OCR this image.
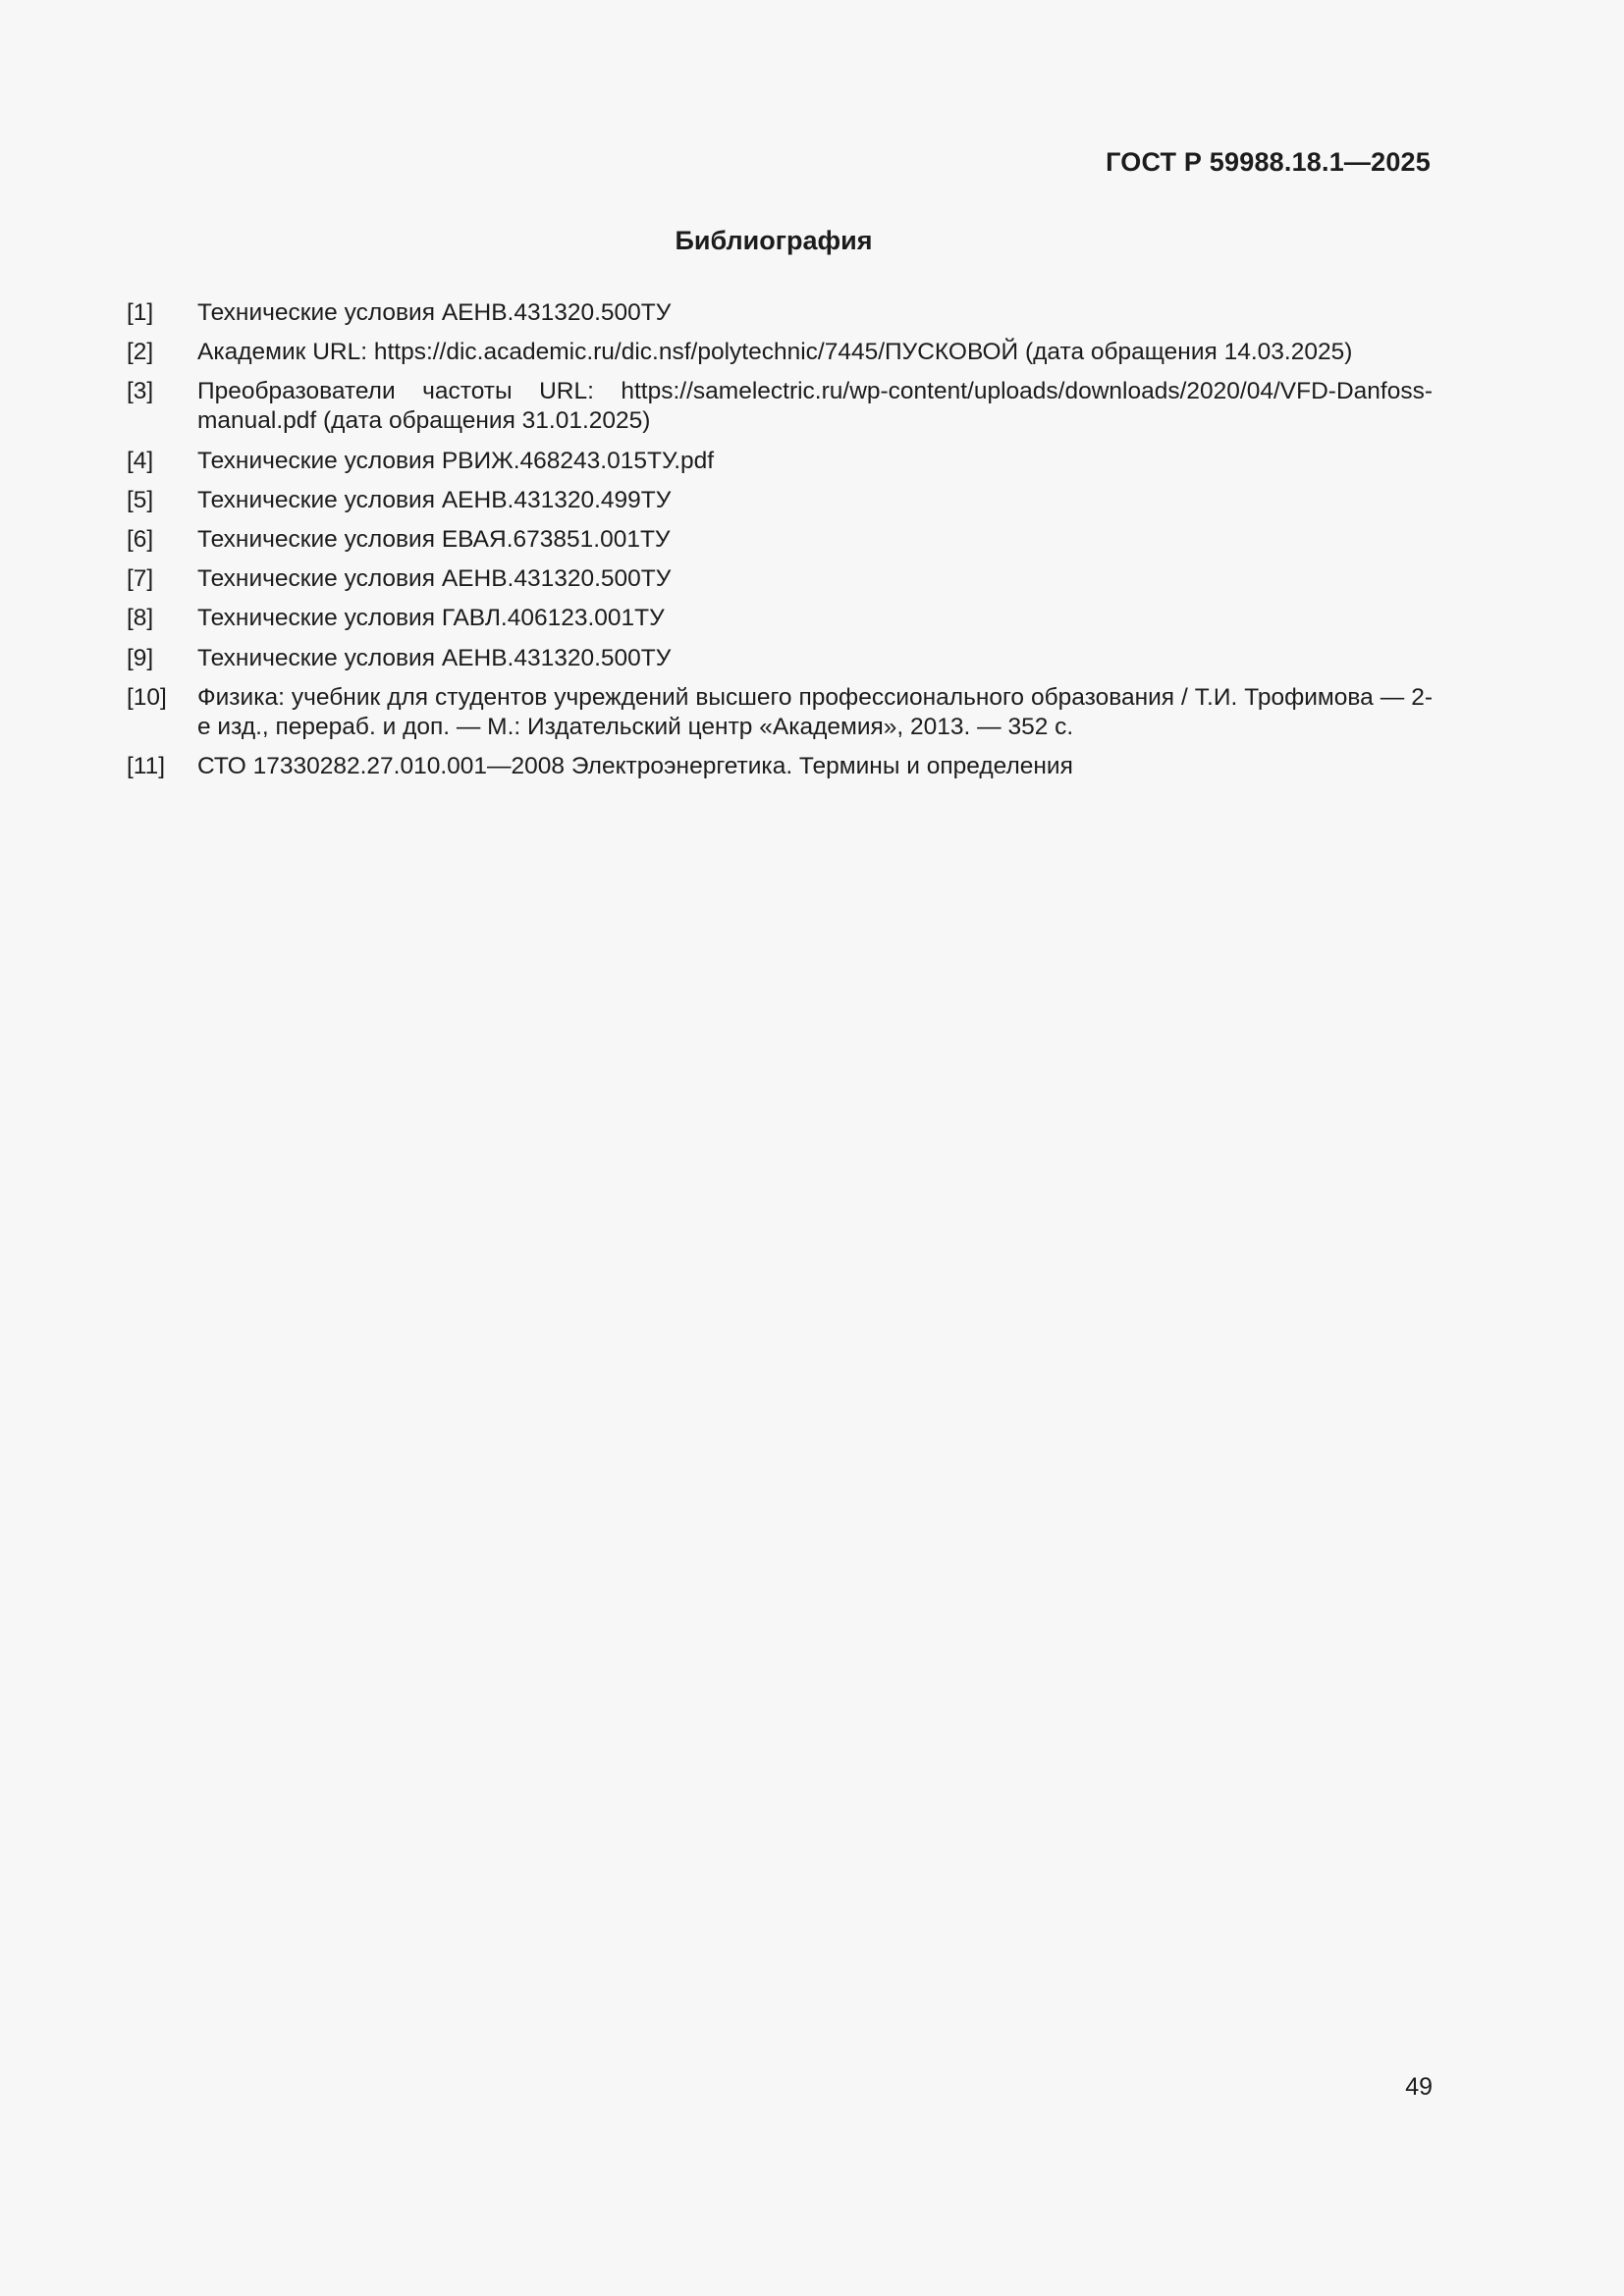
ГОСТ Р 59988.18.1—2025
Библиография
[1]	Технические условия АЕНВ.431320.500ТУ
[2]	Академик URL: https://dic.academic.ru/dic.nsf/polytechnic/7445/ПУСКОВОЙ (дата обращения 14.03.2025)
[3]	Преобразователи частоты URL: https://samelectric.ru/wp-content/uploads/downloads/2020/04/VFD-Danfoss-manual.pdf (дата обращения 31.01.2025)
[4]	Технические условия РВИЖ.468243.015ТУ.pdf
[5]	Технические условия АЕНВ.431320.499ТУ
[6]	Технические условия ЕВАЯ.673851.001ТУ
[7]	Технические условия АЕНВ.431320.500ТУ
[8]	Технические условия ГАВЛ.406123.001ТУ
[9]	Технические условия АЕНВ.431320.500ТУ
[10]	Физика: учебник для студентов учреждений высшего профессионального образования / Т.И. Трофимова — 2-е изд., перераб. и доп. — М.: Издательский центр «Академия», 2013. — 352 с.
[11]	СТО 17330282.27.010.001—2008 Электроэнергетика. Термины и определения
49
